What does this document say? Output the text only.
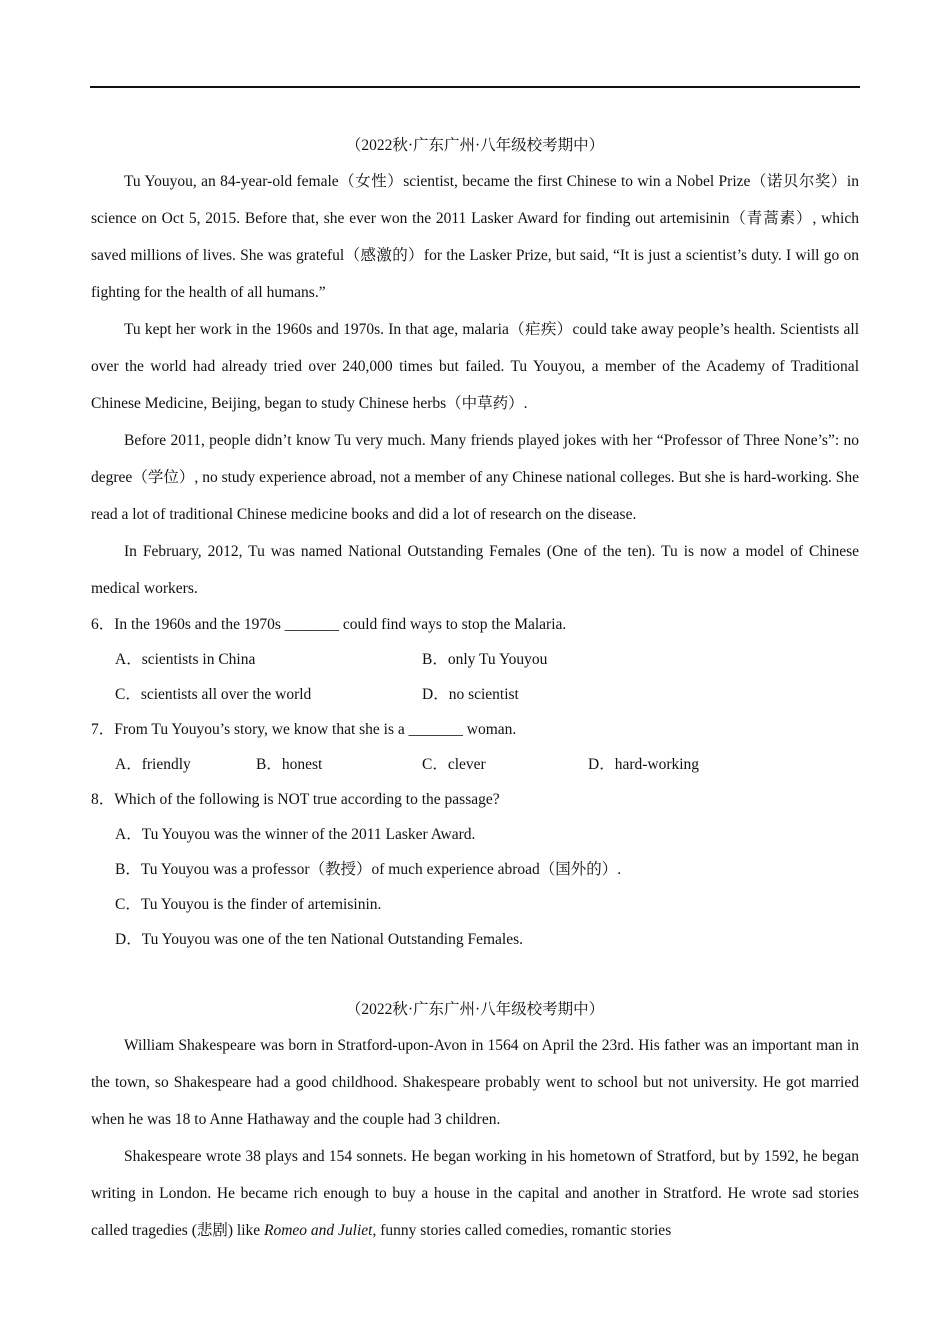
（2022秋·广东广州·八年级校考期中）

Tu Youyou, an 84-year-old female（女性）scientist, became the first Chinese to win a Nobel Prize（诺贝尔奖）in science on Oct 5, 2015. Before that, she ever won the 2011 Lasker Award for finding out artemisinin（青蒿素）, which saved millions of lives. She was grateful（感激的）for the Lasker Prize, but said, “It is just a scientist’s duty. I will go on fighting for the health of all humans.”

Tu kept her work in the 1960s and 1970s. In that age, malaria（疟疾）could take away people’s health. Scientists all over the world had already tried over 240,000 times but failed. Tu Youyou, a member of the Academy of Traditional Chinese Medicine, Beijing, began to study Chinese herbs（中草药）.

Before 2011, people didn’t know Tu very much. Many friends played jokes with her “Professor of Three None’s”: no degree（学位）, no study experience abroad, not a member of any Chinese national colleges. But she is hard-working. She read a lot of traditional Chinese medicine books and did a lot of research on the disease.

In February, 2012, Tu was named National Outstanding Females (One of the ten). Tu is now a model of Chinese medical workers.

6．In the 1960s and the 1970s _______ could find ways to stop the Malaria.

A．scientists in China	B．only Tu Youyou
C．scientists all over the world	D．no scientist

7．From Tu Youyou’s story, we know that she is a _______ woman.

A．friendly	B．honest	C．clever	D．hard-working

8．Which of the following is NOT true according to the passage?

A．Tu Youyou was the winner of the 2011 Lasker Award.
B．Tu Youyou was a professor（教授）of much experience abroad（国外的）.
C．Tu Youyou is the finder of artemisinin.
D．Tu Youyou was one of the ten National Outstanding Females.

（2022秋·广东广州·八年级校考期中）

William Shakespeare was born in Stratford-upon-Avon in 1564 on April the 23rd. His father was an important man in the town, so Shakespeare had a good childhood. Shakespeare probably went to school but not university. He got married when he was 18 to Anne Hathaway and the couple had 3 children.

Shakespeare wrote 38 plays and 154 sonnets. He began working in his hometown of Stratford, but by 1592, he began writing in London. He became rich enough to buy a house in the capital and another in Stratford. He wrote sad stories called tragedies (悲剧) like Romeo and Juliet, funny stories called comedies, romantic stories
